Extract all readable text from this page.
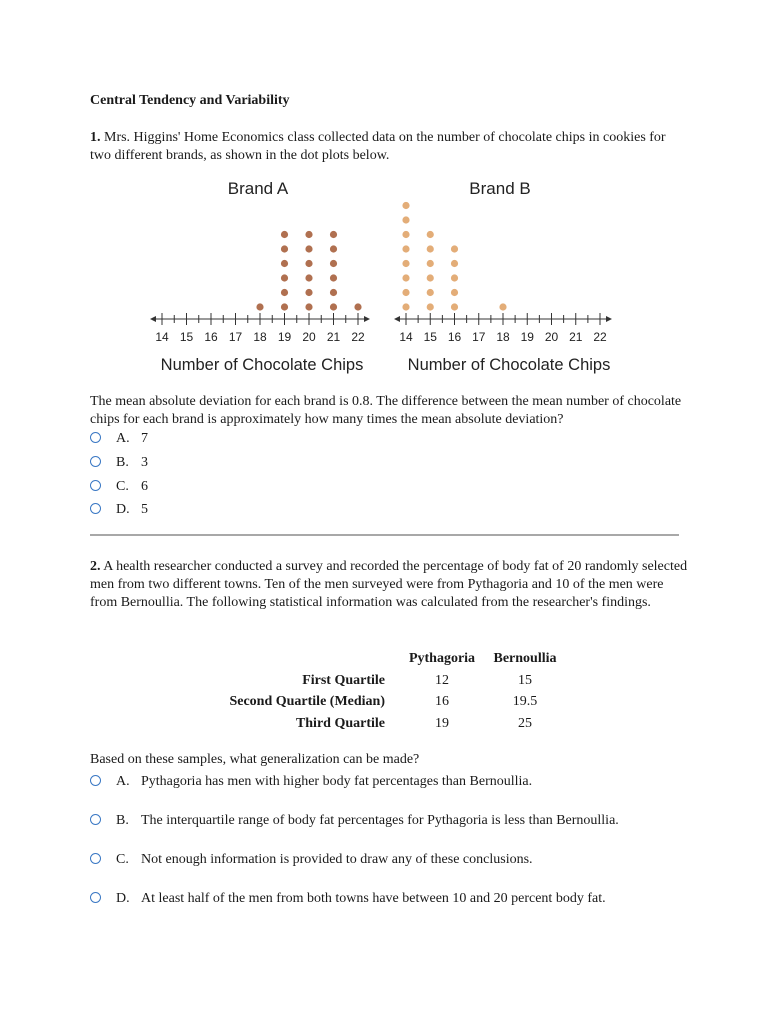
Central Tendency and Variability
1. Mrs. Higgins' Home Economics class collected data on the number of chocolate chips in cookies for two different brands, as shown in the dot plots below.
Brand A
14 15 16 17 18 19 20 21 22
Number of Chocolate Chips
Brand B
14 15 16 17 18 19 20 21 22
Number of Chocolate Chips
The mean absolute deviation for each brand is 0.8. The difference between the mean number of chocolate chips for each brand is approximately how many times the mean absolute deviation?
A. 7
B. 3
C. 6
D. 5
2. A health researcher conducted a survey and recorded the percentage of body fat of 20 randomly selected men from two different towns. Ten of the men surveyed were from Pythagoria and 10 of the men were from Bernoullia. The following statistical information was calculated from the researcher's findings.
	Pythagoria	Bernoullia
First Quartile	12	15
Second Quartile (Median)	16	19.5
Third Quartile	19	25
Based on these samples, what generalization can be made?
A. Pythagoria has men with higher body fat percentages than Bernoullia.
B. The interquartile range of body fat percentages for Pythagoria is less than Bernoullia.
C. Not enough information is provided to draw any of these conclusions.
D. At least half of the men from both towns have between 10 and 20 percent body fat.
